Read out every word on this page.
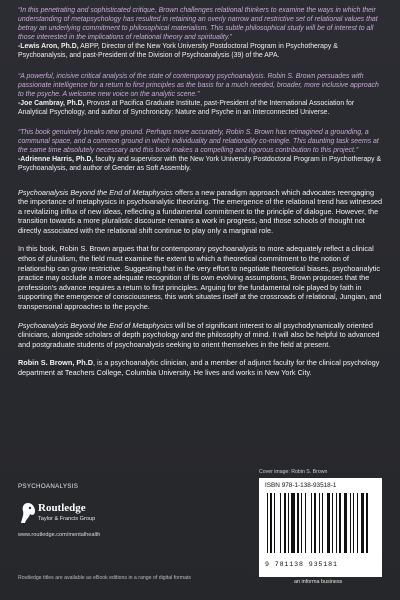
“In this penetrating and sophisticated critique, Brown challenges relational thinkers to examine the ways in which their understanding of metapsychology has resulted in retaining an overly narrow and restrictive set of relational values that betray an underlying commitment to philosophical materialism. This subtle philosophical study will be of interest to all those interested in the implications of relational theory and spirituality.”

-Lewis Aron, Ph.D, ABPP, Director of the New York University Postdoctoral Program in Psychotherapy & Psychoanalysis, and past-President of the Division of Psychoanalysis (39) of the APA.

“A powerful, incisive critical analysis of the state of contemporary psychoanalysis. Robin S. Brown persuades with passionate intelligence for a return to first principles as the basis for a much needed, broader, more inclusive approach to the psyche. A welcome new voice on the analytic scene.”

-Joe Cambray, Ph.D, Provost at Pacifica Graduate Institute, past-President of the International Association for Analytical Psychology, and author of Synchronicity: Nature and Psyche in an Interconnected Universe.

“This book genuinely breaks new ground. Perhaps more accurately, Robin S. Brown has reimagined a grounding, a communal space, and a common ground in which individuality and relationality co-mingle. This daunting task seems at the same time absolutely necessary and this book makes a compelling and rigorous contribution to this project.”

-Adrienne Harris, Ph.D, faculty and supervisor with the New York University Postdoctoral Program in Psychotherapy & Psychoanalysis, and author of Gender as Soft Assembly.

Psychoanalysis Beyond the End of Metaphysics offers a new paradigm approach which advocates reengaging the importance of metaphysics in psychoanalytic theorizing. The emergence of the relational trend has witnessed a revitalizing influx of new ideas, reflecting a fundamental commitment to the principle of dialogue. However, the transition towards a more pluralistic discourse remains a work in progress, and those schools of thought not directly associated with the relational shift continue to play only a marginal role.

In this book, Robin S. Brown argues that for contemporary psychoanalysis to more adequately reflect a clinical ethos of pluralism, the field must examine the extent to which a theoretical commitment to the notion of relationship can grow restrictive. Suggesting that in the very effort to negotiate theoretical biases, psychoanalytic practice may occlude a more adequate recognition of its own evolving assumptions, Brown proposes that the profession’s advance requires a return to first principles. Arguing for the fundamental role played by faith in supporting the emergence of consciousness, this work situates itself at the crossroads of relational, Jungian, and transpersonal approaches to the psyche.

Psychoanalysis Beyond the End of Metaphysics will be of significant interest to all psychodynamically oriented clinicians, alongside scholars of depth psychology and the philosophy of mind. It will also be helpful to advanced and postgraduate students of psychoanalysis seeking to orient themselves in the field at present.

Robin S. Brown, Ph.D, is a psychoanalytic clinician, and a member of adjunct faculty for the clinical psychology department at Teachers College, Columbia University. He lives and works in New York City.

Cover image: Robin S. Brown
PSYCHOANALYSIS
Routledge
Taylor & Francis Group
www.routledge.com/mentalhealth
Routledge titles are available as eBook editions in a range of digital formats
ISBN 978-1-138-93518-1
9 781138 935181
an informa business
